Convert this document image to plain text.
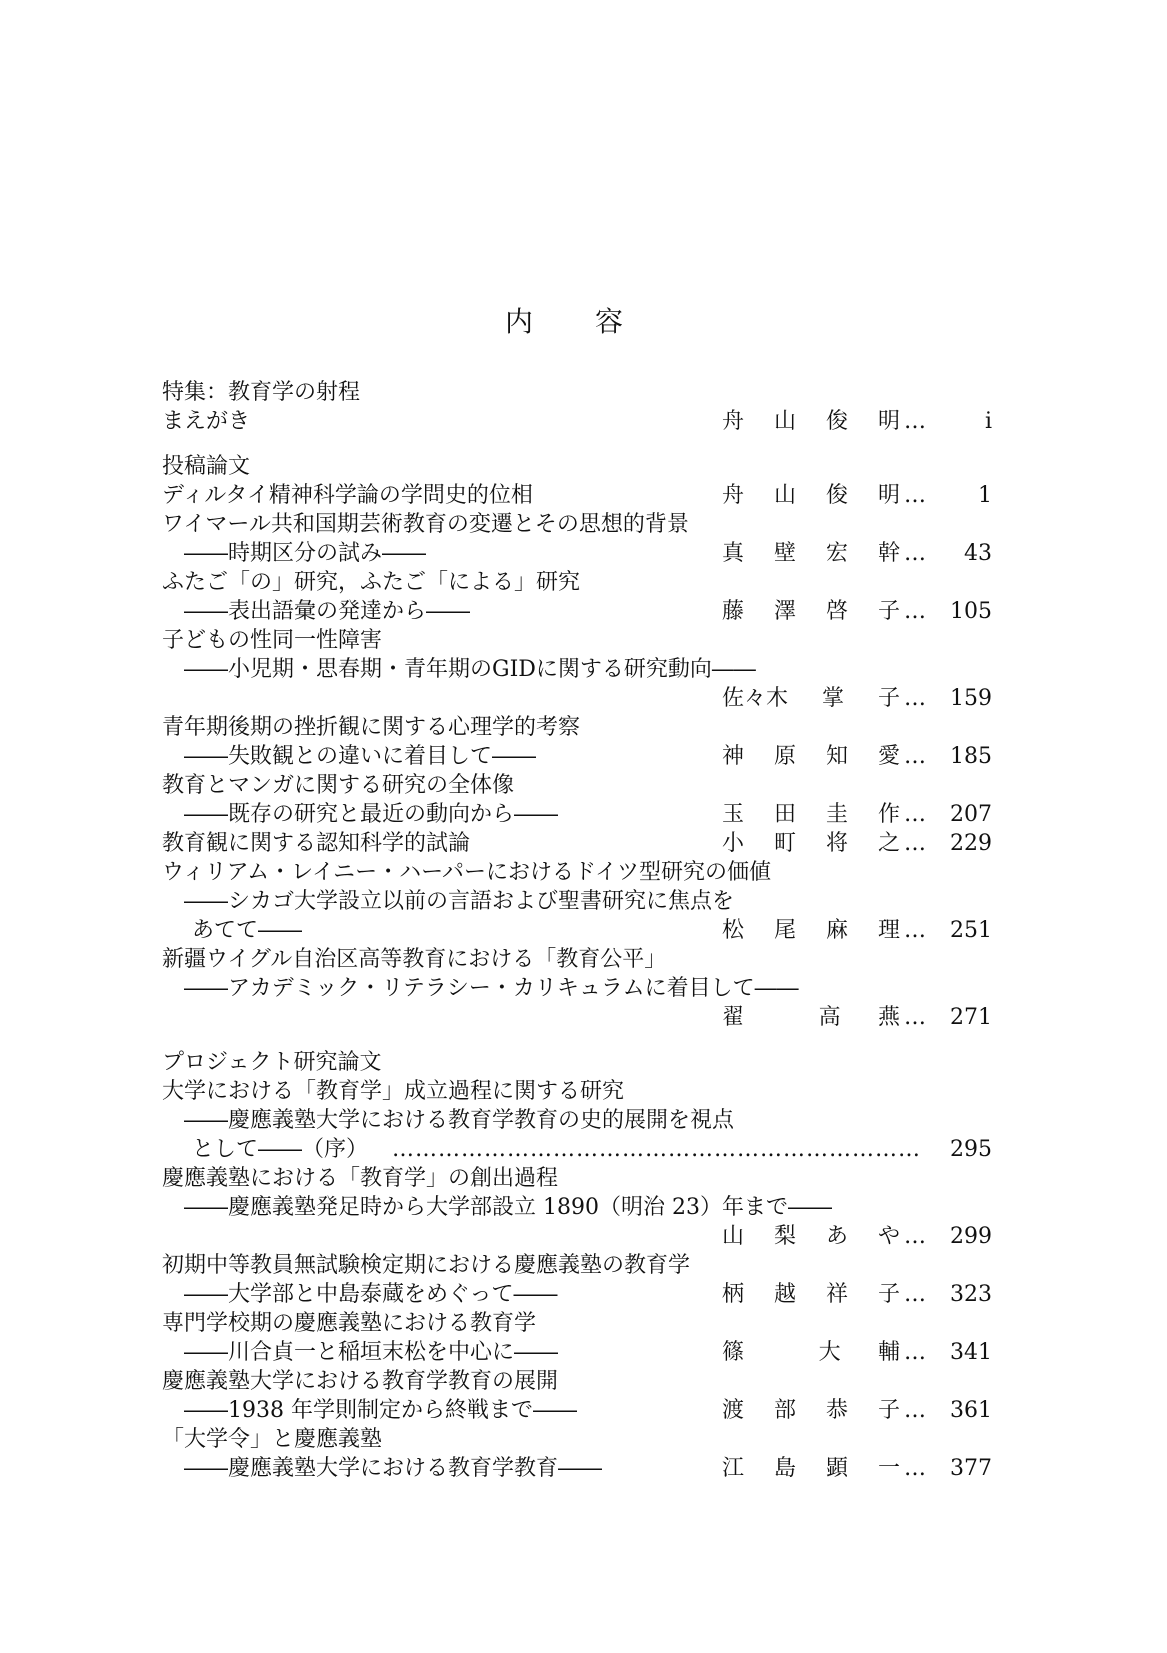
内 容
特集：教育学の射程
まえがき	舟 山 俊 明 …	i
投稿論文
ディルタイ精神科学論の学問史的位相	舟 山 俊 明 … 1
ワイマール共和国期芸術教育の変遷とその思想的背景
――時期区分の試み――	真 壁 宏 幹 … 43
ふたご「の」研究，ふたご「による」研究
――表出語彙の発達から――	藤 澤 啓 子 … 105
子どもの性同一性障害
――小児期・思春期・青年期のGIDに関する研究動向――
佐々木 掌 子 … 159
青年期後期の挫折観に関する心理学的考察
――失敗観との違いに着目して――	神 原 知 愛 … 185
教育とマンガに関する研究の全体像
――既存の研究と最近の動向から――	玉 田 圭 作 … 207
教育観に関する認知科学的試論	小 町 将 之 … 229
ウィリアム・レイニー・ハーパーにおけるドイツ型研究の価値
――シカゴ大学設立以前の言語および聖書研究に焦点を
あてて――	松 尾 麻 理 … 251
新疆ウイグル自治区高等教育における「教育公平」
――アカデミック・リテラシー・カリキュラムに着目して――
翟	高 燕 … 271
プロジェクト研究論文
大学における「教育学」成立過程に関する研究
――慶應義塾大学における教育学教育の史的展開を視点
として――（序） …………………………………………………………… 295
慶應義塾における「教育学」の創出過程
――慶應義塾発足時から大学部設立 1890（明治 23）年まで――
山 梨 あ や … 299
初期中等教員無試験検定期における慶應義塾の教育学
――大学部と中島泰蔵をめぐって――	柄 越 祥 子 … 323
専門学校期の慶應義塾における教育学
――川合貞一と稲垣末松を中心に――	篠	大 輔 … 341
慶應義塾大学における教育学教育の展開
――1938 年学則制定から終戦まで――	渡 部 恭 子 … 361
「大学令」と慶應義塾
――慶應義塾大学における教育学教育――	江 島 顕 一 … 377
